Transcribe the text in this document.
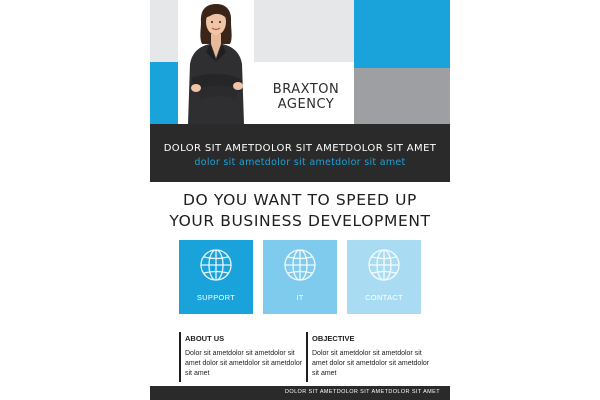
BRAXTON
AGENCY
DOLOR SIT AMETDOLOR SIT AMETDOLOR SIT AMET
dolor sit ametdolor sit ametdolor sit amet
DO YOU WANT TO SPEED UP
YOUR BUSINESS DEVELOPMENT
SUPPORT	IT	CONTACT
ABOUT US
Dolor sit ametdolor sit ametdolor sit amet dolor sit ametdolor sit ametdolor sit amet
OBJECTIVE
Dolor sit ametdolor sit ametdolor sit amet dolor sit ametdolor sit ametdolor sit amet
DOLOR SIT AMETDOLOR SIT AMETDOLOR SIT AMET
